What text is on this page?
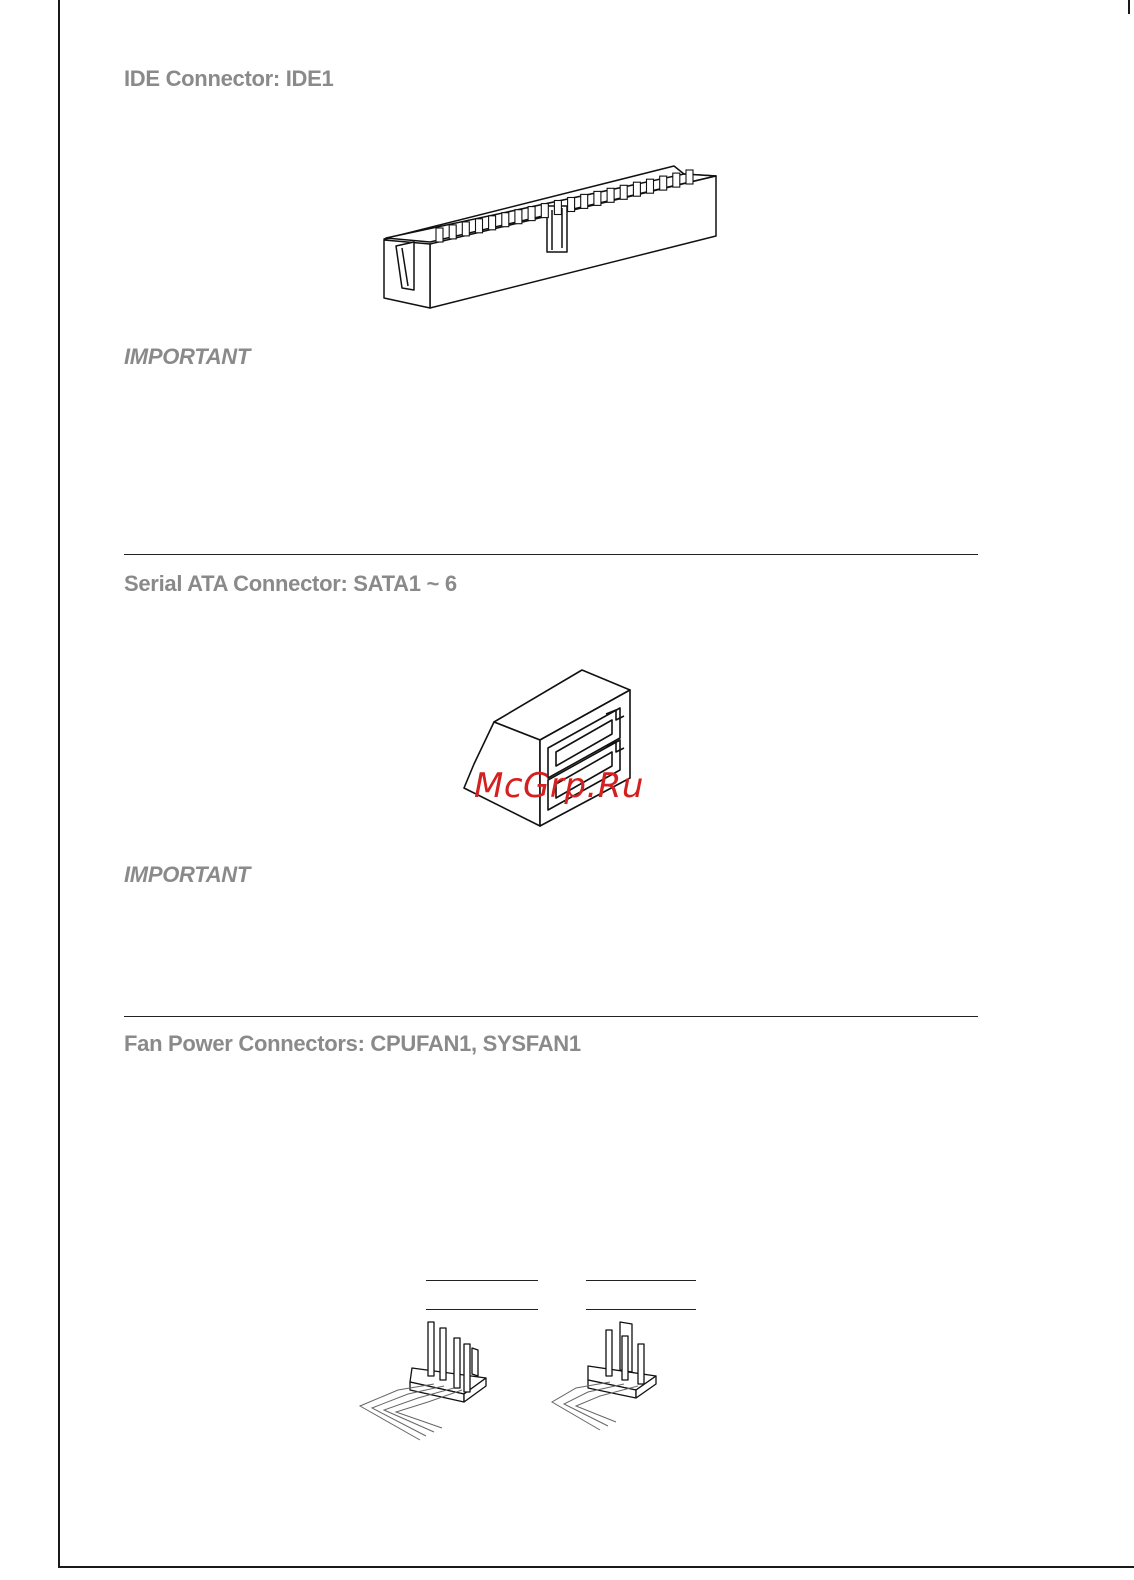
IDE Connector: IDE1
IMPORTANT
Serial ATA Connector: SATA1 ~ 6

McGrp.Ru

IMPORTANT
Fan Power Connectors: CPUFAN1, SYSFAN1
